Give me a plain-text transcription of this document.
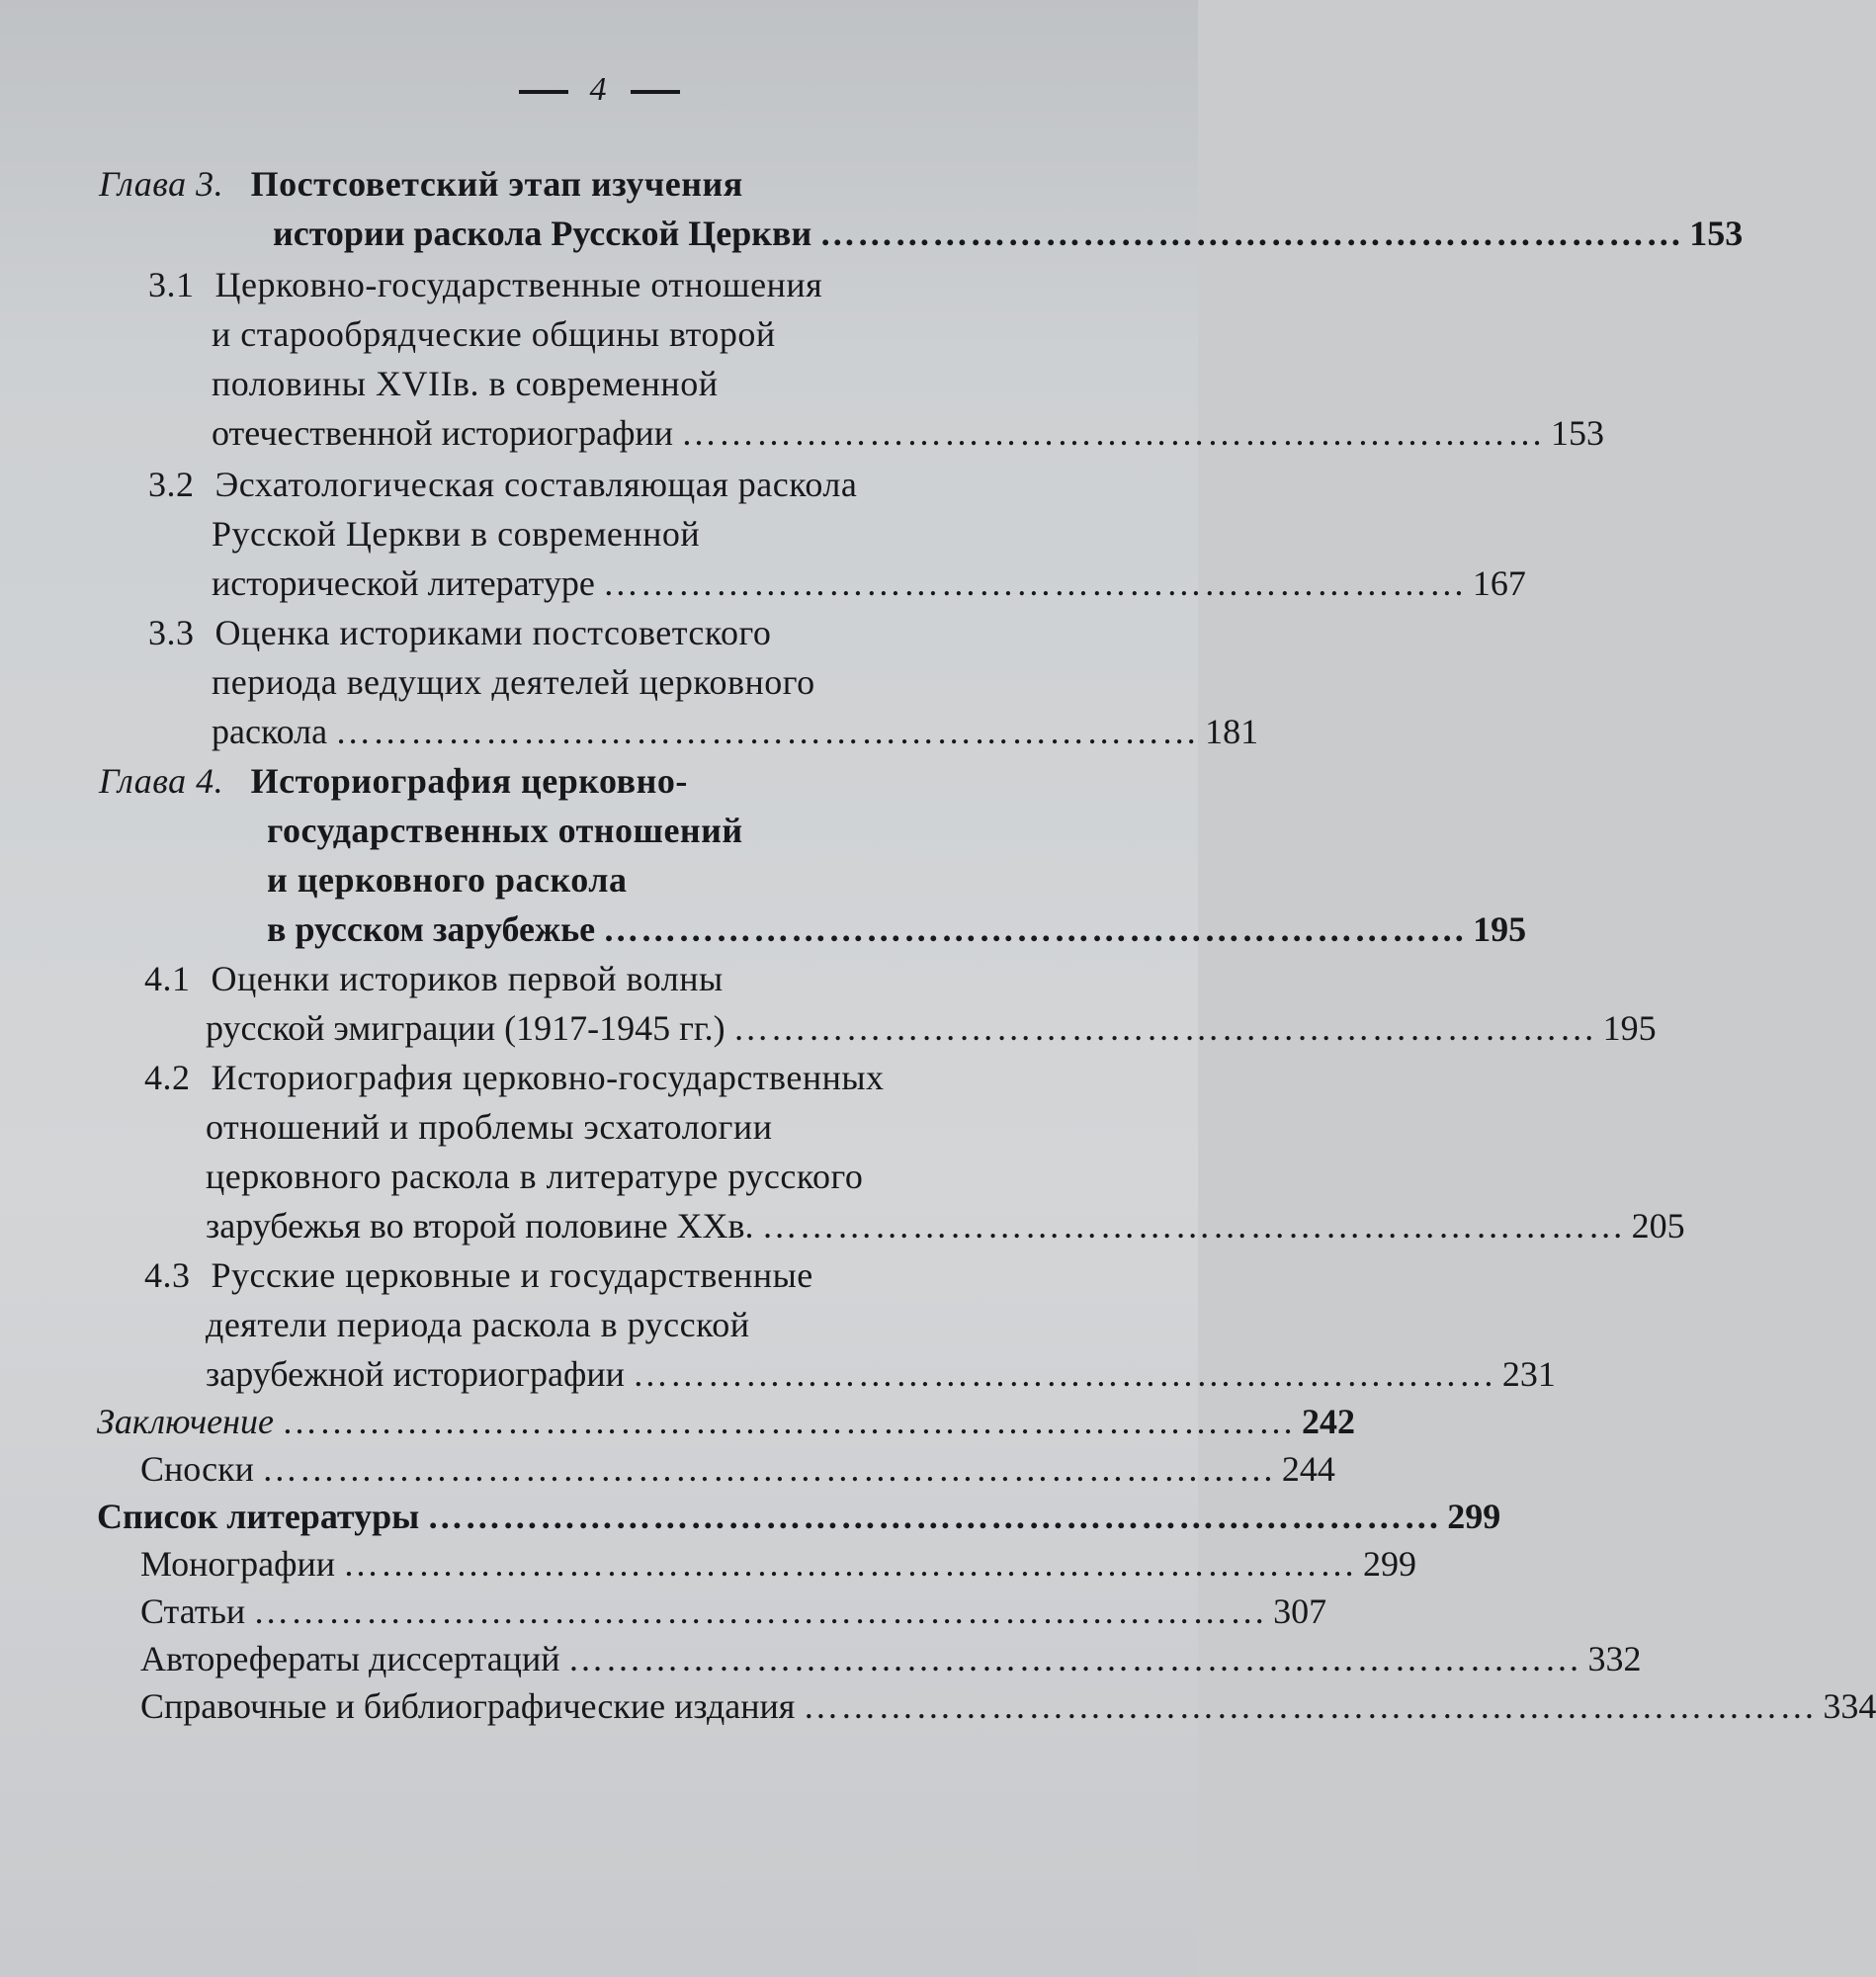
4
Глава 3. Постсоветский этап изучения
истории раскола Русской Церкви …………………………………………………………… 153
3.1 Церковно-государственные отношения
и старообрядческие общины второй
половины XVIIв. в современной
отечественной историографии …………………………………………………………… 153
3.2 Эсхатологическая составляющая раскола
Русской Церкви в современной
исторической литературе …………………………………………………………… 167
3.3 Оценка историками постсоветского
периода ведущих деятелей церковного
раскола …………………………………………………………… 181
Глава 4. Историография церковно-
государственных отношений
и церковного раскола
в русском зарубежье …………………………………………………………… 195
4.1 Оценки историков первой волны
русской эмиграции (1917-1945 гг.) …………………………………………………………… 195
4.2 Историография церковно-государственных
отношений и проблемы эсхатологии
церковного раскола в литературе русского
зарубежья во второй половине ХХв. …………………………………………………………… 205
4.3 Русские церковные и государственные
деятели периода раскола в русской
зарубежной историографии …………………………………………………………… 231
Заключение ……………………………………………………………………… 242
Сноски ……………………………………………………………………… 244
Список литературы ……………………………………………………………………… 299
Монографии ……………………………………………………………………… 299
Статьи ……………………………………………………………………… 307
Авторефераты диссертаций ……………………………………………………………………… 332
Справочные и библиографические издания ……………………………………………………………………… 334
